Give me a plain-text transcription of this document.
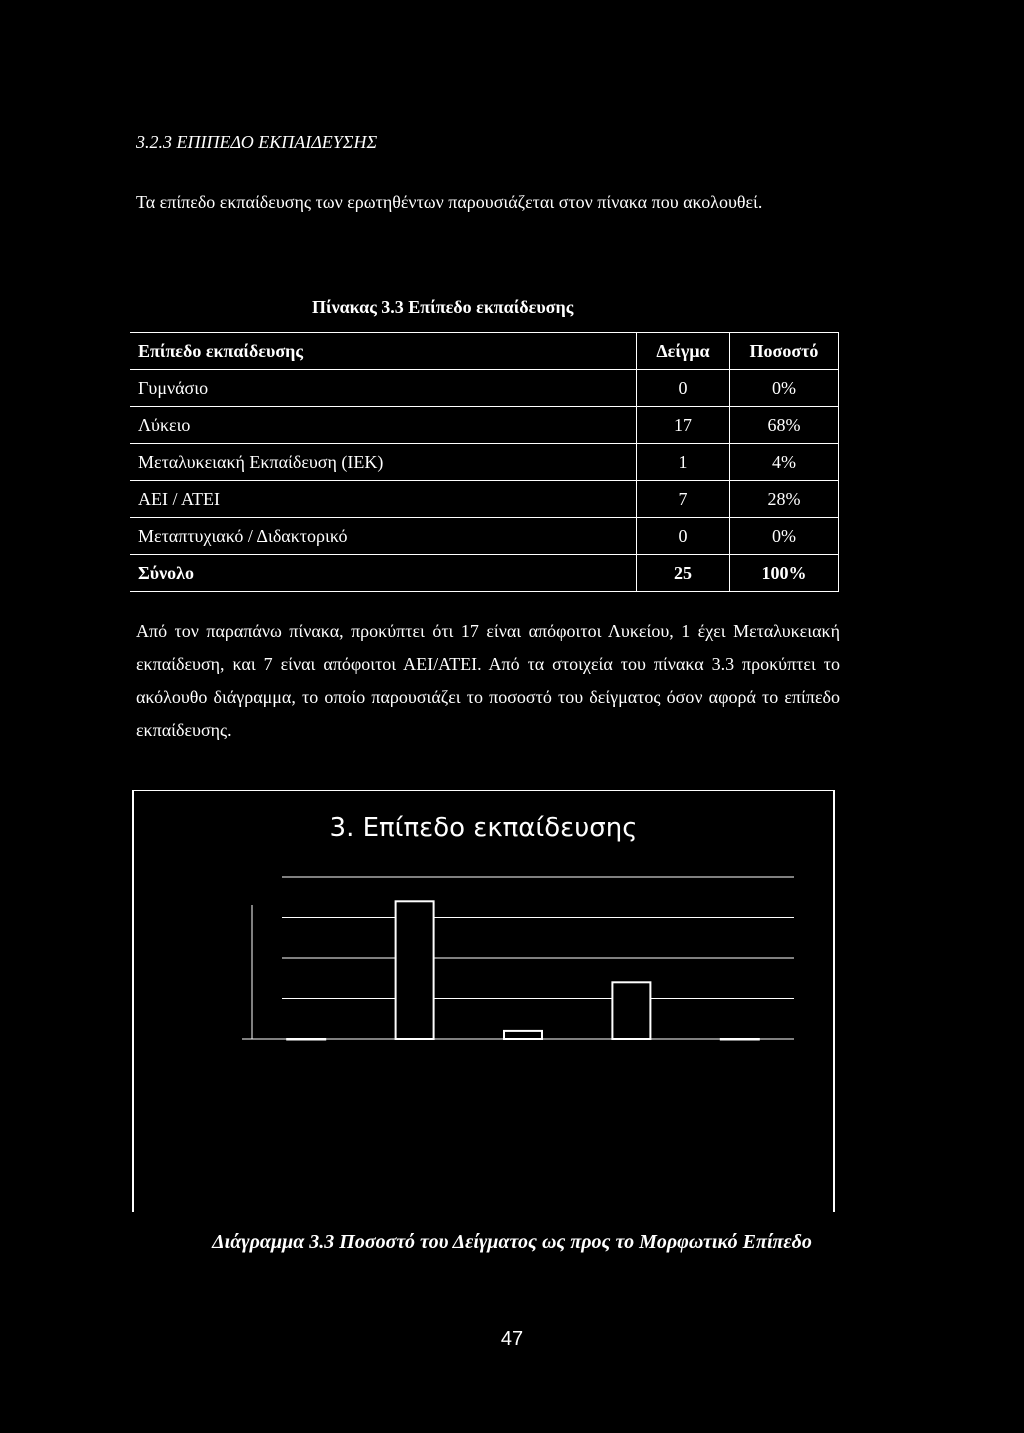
3.2.3 ΕΠΙΠΕΔΟ ΕΚΠΑΙΔΕΥΣΗΣ
Τα επίπεδο εκπαίδευσης των ερωτηθέντων παρουσιάζεται στον πίνακα που ακολουθεί.
Πίνακας 3.3 Επίπεδο εκπαίδευσης
Επίπεδο εκπαίδευσης	Δείγμα	Ποσοστό
Γυμνάσιο	0	0%
Λύκειο	17	68%
Μεταλυκειακή Εκπαίδευση (ΙΕΚ)	1	4%
ΑΕΙ / ΑΤΕΙ	7	28%
Μεταπτυχιακό / Διδακτορικό	0	0%
Σύνολο	25	100%
Από τον παραπάνω πίνακα, προκύπτει ότι 17 είναι απόφοιτοι Λυκείου, 1 έχει Μεταλυκειακή εκπαίδευση, και 7 είναι απόφοιτοι ΑΕΙ/ΑΤΕΙ. Από τα στοιχεία του πίνακα 3.3 προκύπτει το ακόλουθο διάγραμμα, το οποίο παρουσιάζει το ποσοστό του δείγματος όσον αφορά το επίπεδο εκπαίδευσης.
3. Επίπεδο εκπαίδευσης
Διάγραμμα 3.3 Ποσοστό του Δείγματος ως προς το Μορφωτικό Επίπεδο
47
